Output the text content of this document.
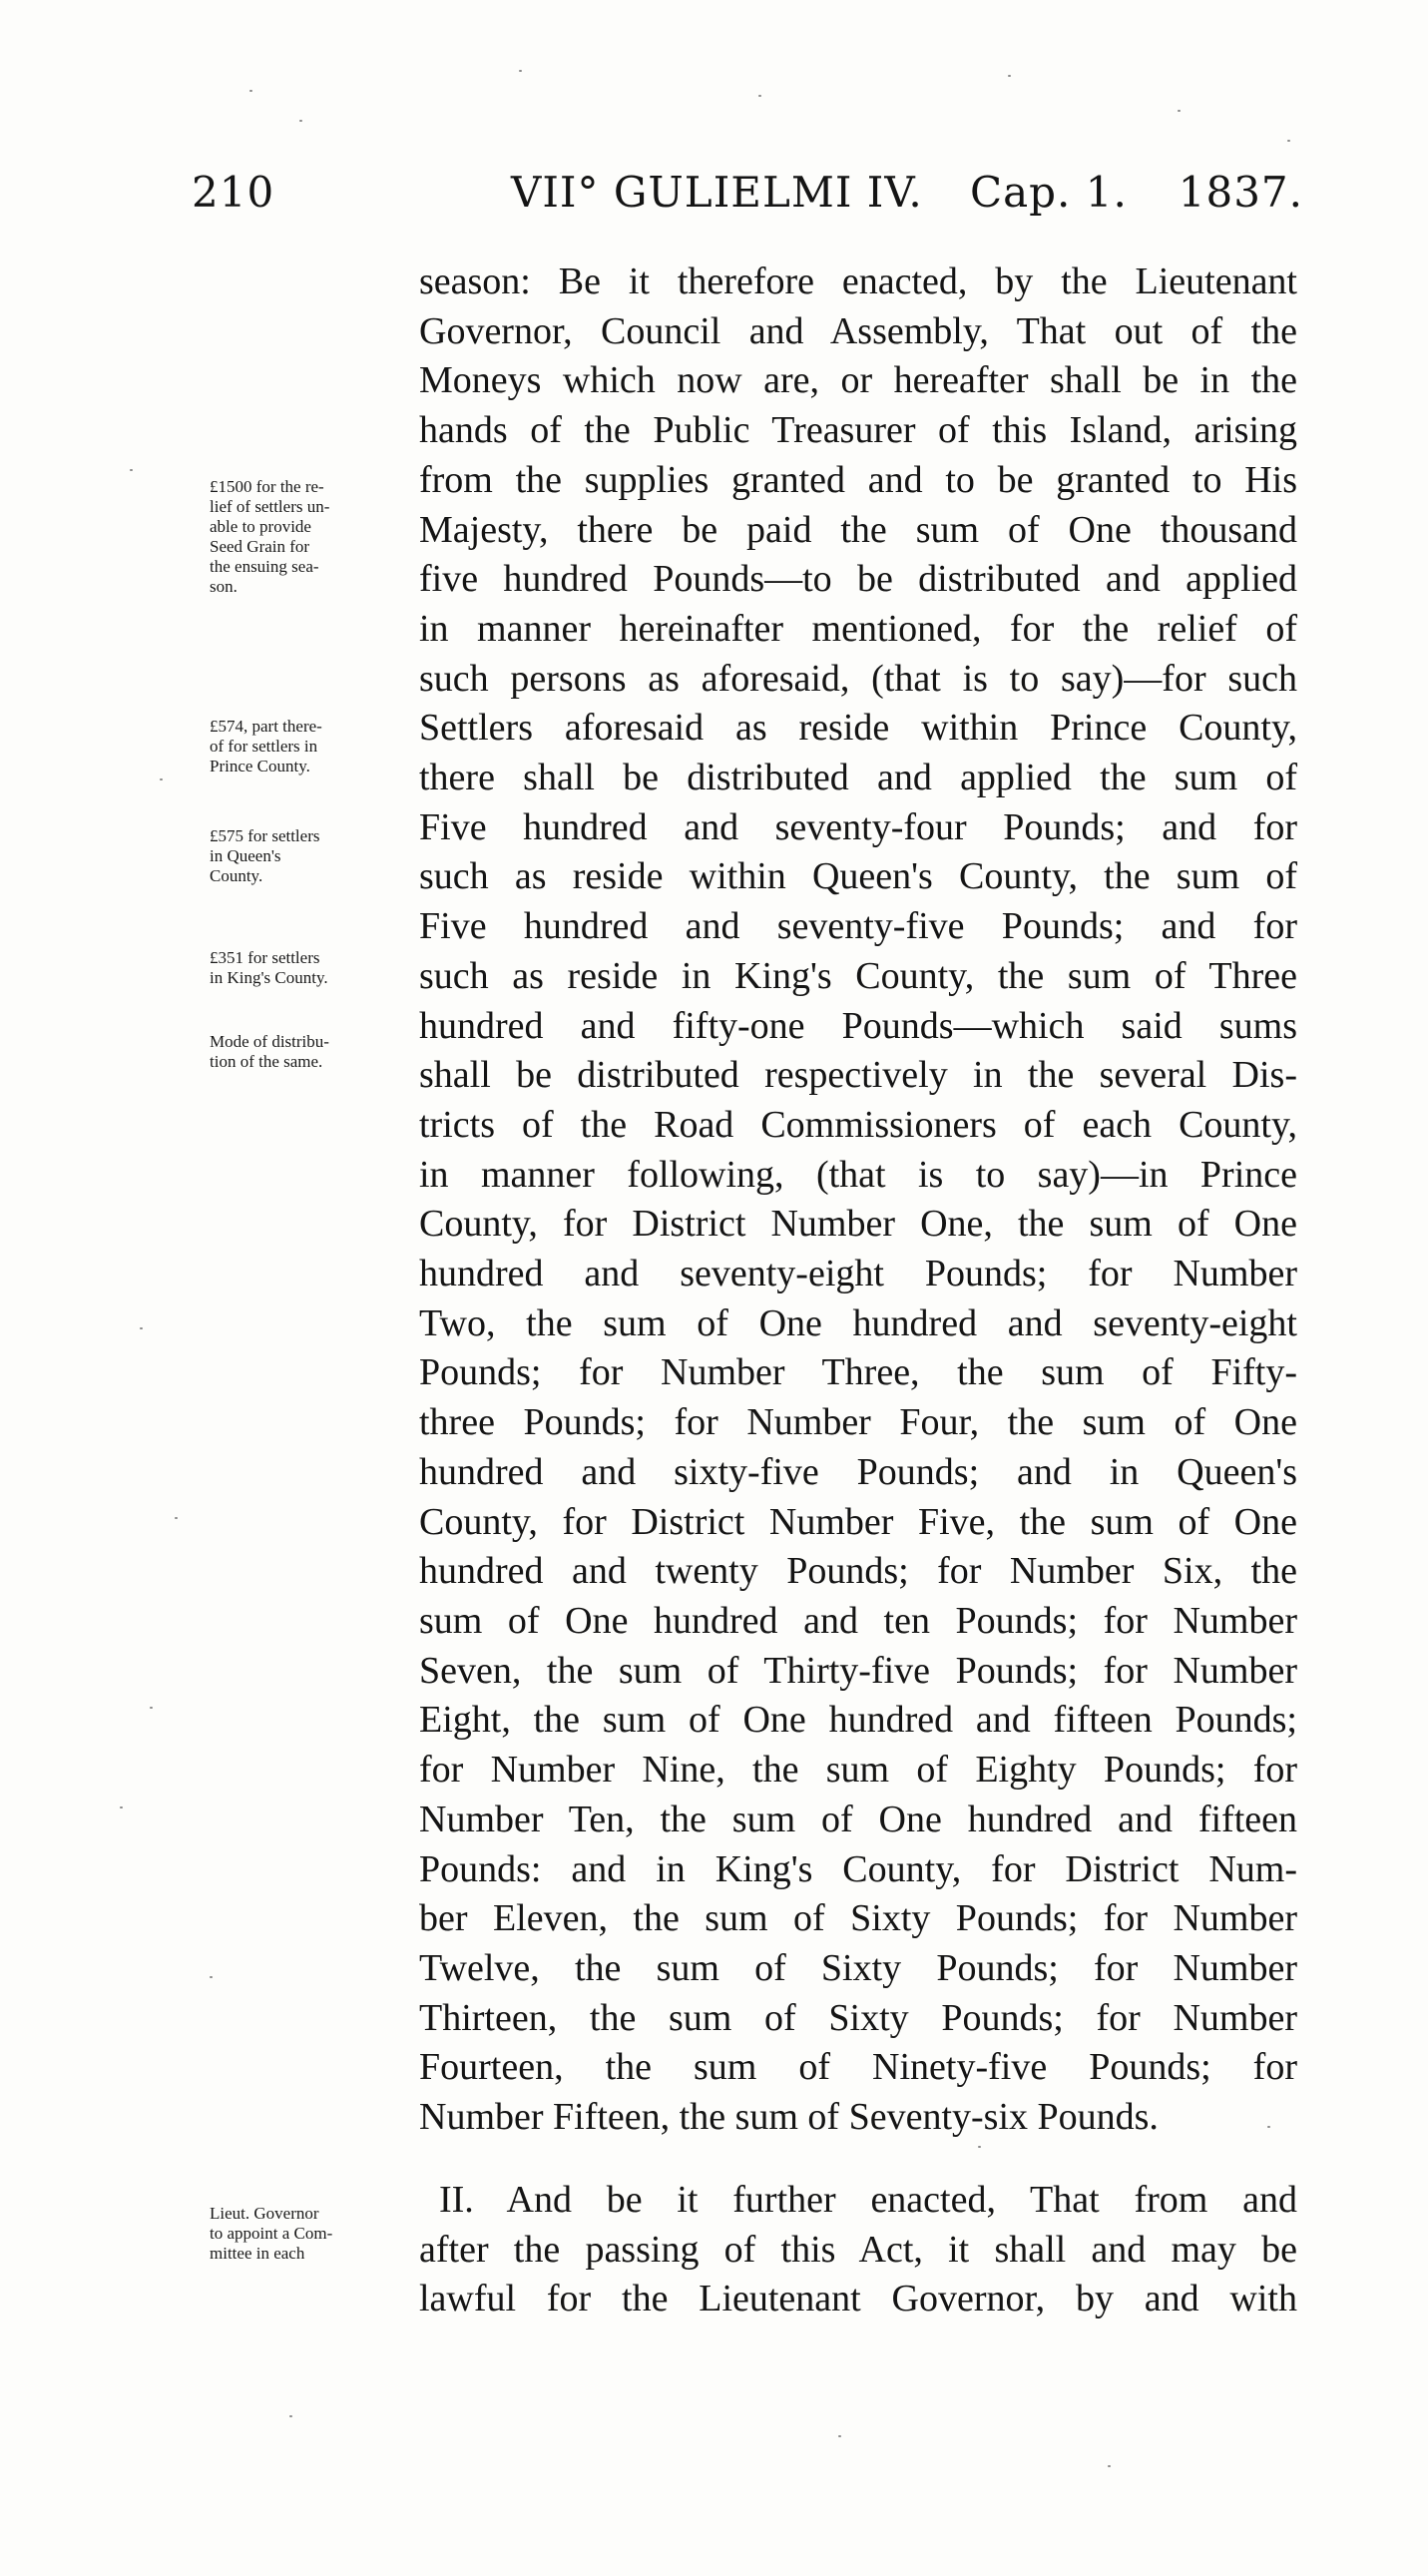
210	VII° GULIELMI IV. Cap. 1. 1837.
£1500 for the re-
lief of settlers un-
able to provide
Seed Grain for
the ensuing sea-
son.
£574, part there-
of for settlers in
Prince County.
£575 for settlers
in Queen's
County.
£351 for settlers
in King's County.
Mode of distribu-
tion of the same.
Lieut. Governor
to appoint a Com-
mittee in each
season: Be it therefore enacted, by the Lieutenant
Governor, Council and Assembly, That out of the
Moneys which now are, or hereafter shall be in the
hands of the Public Treasurer of this Island, arising
from the supplies granted and to be granted to His
Majesty, there be paid the sum of One thousand
five hundred Pounds—to be distributed and applied
in manner hereinafter mentioned, for the relief of
such persons as aforesaid, (that is to say)—for such
Settlers aforesaid as reside within Prince County,
there shall be distributed and applied the sum of
Five hundred and seventy-four Pounds; and for
such as reside within Queen's County, the sum of
Five hundred and seventy-five Pounds; and for
such as reside in King's County, the sum of Three
hundred and fifty-one Pounds—which said sums
shall be distributed respectively in the several Dis-
tricts of the Road Commissioners of each County,
in manner following, (that is to say)—in Prince
County, for District Number One, the sum of One
hundred and seventy-eight Pounds; for Number
Two, the sum of One hundred and seventy-eight
Pounds; for Number Three, the sum of Fifty-
three Pounds; for Number Four, the sum of One
hundred and sixty-five Pounds; and in Queen's
County, for District Number Five, the sum of One
hundred and twenty Pounds; for Number Six, the
sum of One hundred and ten Pounds; for Number
Seven, the sum of Thirty-five Pounds; for Number
Eight, the sum of One hundred and fifteen Pounds;
for Number Nine, the sum of Eighty Pounds; for
Number Ten, the sum of One hundred and fifteen
Pounds: and in King's County, for District Num-
ber Eleven, the sum of Sixty Pounds; for Number
Twelve, the sum of Sixty Pounds; for Number
Thirteen, the sum of Sixty Pounds; for Number
Fourteen, the sum of Ninety-five Pounds; for
Number Fifteen, the sum of Seventy-six Pounds.
II. And be it further enacted, That from and
after the passing of this Act, it shall and may be
lawful for the Lieutenant Governor, by and with
